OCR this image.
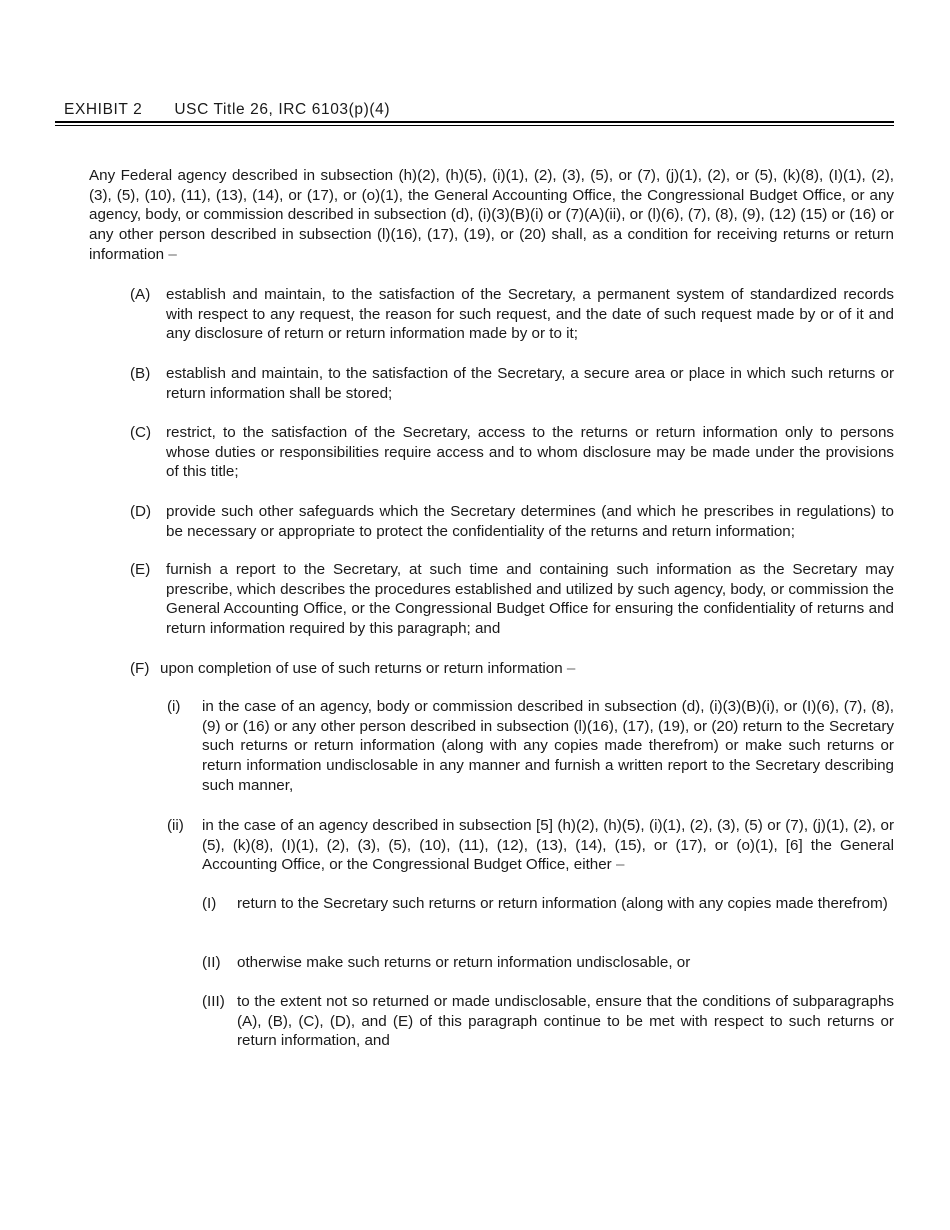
EXHIBIT 2 USC Title 26, IRC 6103(p)(4)

Any Federal agency described in subsection (h)(2), (h)(5), (i)(1), (2), (3), (5), or (7), (j)(1), (2), or (5), (k)(8), (I)(1), (2), (3), (5), (10), (11), (13), (14), or (17), or (o)(1), the General Accounting Office, the Congressional Budget Office, or any agency, body, or commission described in subsection (d), (i)(3)(B)(i) or (7)(A)(ii), or (l)(6), (7), (8), (9), (12) (15) or (16) or any other person described in subsection (l)(16), (17), (19), or (20) shall, as a condition for receiving returns or return information –

(A) establish and maintain, to the satisfaction of the Secretary, a permanent system of standardized records with respect to any request, the reason for such request, and the date of such request made by or of it and any disclosure of return or return information made by or to it;

(B) establish and maintain, to the satisfaction of the Secretary, a secure area or place in which such returns or return information shall be stored;

(C) restrict, to the satisfaction of the Secretary, access to the returns or return information only to persons whose duties or responsibilities require access and to whom disclosure may be made under the provisions of this title;

(D) provide such other safeguards which the Secretary determines (and which he prescribes in regulations) to be necessary or appropriate to protect the confidentiality of the returns and return information;

(E) furnish a report to the Secretary, at such time and containing such information as the Secretary may prescribe, which describes the procedures established and utilized by such agency, body, or commission the General Accounting Office, or the Congressional Budget Office for ensuring the confidentiality of returns and return information required by this paragraph; and

(F) upon completion of use of such returns or return information –

(i) in the case of an agency, body or commission described in subsection (d), (i)(3)(B)(i), or (I)(6), (7), (8), (9) or (16) or any other person described in subsection (l)(16), (17), (19), or (20) return to the Secretary such returns or return information (along with any copies made therefrom) or make such returns or return information undisclosable in any manner and furnish a written report to the Secretary describing such manner,

(ii) in the case of an agency described in subsection [5] (h)(2), (h)(5), (i)(1), (2), (3), (5) or (7), (j)(1), (2), or (5), (k)(8), (I)(1), (2), (3), (5), (10), (11), (12), (13), (14), (15), or (17), or (o)(1), [6] the General Accounting Office, or the Congressional Budget Office, either –

(I) return to the Secretary such returns or return information (along with any copies made therefrom)

(II) otherwise make such returns or return information undisclosable, or

(III) to the extent not so returned or made undisclosable, ensure that the conditions of subparagraphs (A), (B), (C), (D), and (E) of this paragraph continue to be met with respect to such returns or return information, and
